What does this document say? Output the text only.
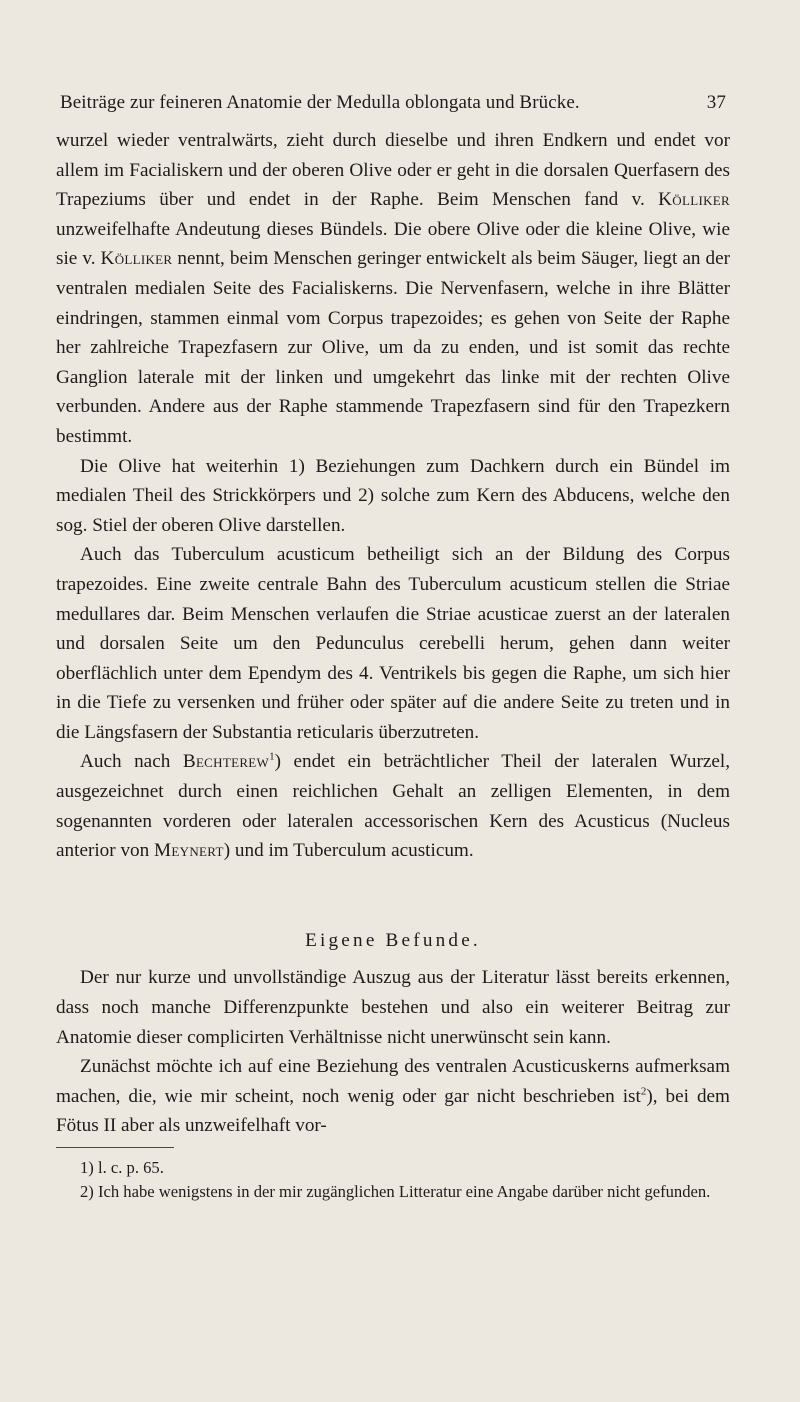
Beiträge zur feineren Anatomie der Medulla oblongata und Brücke.	37

wurzel wieder ventralwärts, zieht durch dieselbe und ihren Endkern und endet vor allem im Facialiskern und der oberen Olive oder er geht in die dorsalen Querfasern des Trapeziums über und endet in der Raphe. Beim Menschen fand v. Kölliker unzweifelhafte Andeutung dieses Bündels. Die obere Olive oder die kleine Olive, wie sie v. Kölliker nennt, beim Menschen geringer entwickelt als beim Säuger, liegt an der ventralen medialen Seite des Facialiskerns. Die Nervenfasern, welche in ihre Blätter eindringen, stammen einmal vom Corpus trapezoides; es gehen von Seite der Raphe her zahlreiche Trapezfasern zur Olive, um da zu enden, und ist somit das rechte Ganglion laterale mit der linken und umgekehrt das linke mit der rechten Olive verbunden. Andere aus der Raphe stammende Trapezfasern sind für den Trapezkern bestimmt.

Die Olive hat weiterhin 1) Beziehungen zum Dachkern durch ein Bündel im medialen Theil des Strickkörpers und 2) solche zum Kern des Abducens, welche den sog. Stiel der oberen Olive darstellen.

Auch das Tuberculum acusticum betheiligt sich an der Bildung des Corpus trapezoides. Eine zweite centrale Bahn des Tuberculum acusticum stellen die Striae medullares dar. Beim Menschen verlaufen die Striae acusticae zuerst an der lateralen und dorsalen Seite um den Pedunculus cerebelli herum, gehen dann weiter oberflächlich unter dem Ependym des 4. Ventrikels bis gegen die Raphe, um sich hier in die Tiefe zu versenken und früher oder später auf die andere Seite zu treten und in die Längsfasern der Substantia reticularis überzutreten.

Auch nach Bechterew$^1$) endet ein beträchtlicher Theil der lateralen Wurzel, ausgezeichnet durch einen reichlichen Gehalt an zelligen Elementen, in dem sogenannten vorderen oder lateralen accessorischen Kern des Acusticus (Nucleus anterior von Meynert) und im Tuberculum acusticum.

Eigene Befunde.

Der nur kurze und unvollständige Auszug aus der Literatur lässt bereits erkennen, dass noch manche Differenzpunkte bestehen und also ein weiterer Beitrag zur Anatomie dieser complicirten Verhältnisse nicht unerwünscht sein kann.

Zunächst möchte ich auf eine Beziehung des ventralen Acusticuskerns aufmerksam machen, die, wie mir scheint, noch wenig oder gar nicht beschrieben ist$^2$), bei dem Fötus II aber als unzweifelhaft vor-

1) l. c. p. 65.

2) Ich habe wenigstens in der mir zugänglichen Litteratur eine Angabe darüber nicht gefunden.
